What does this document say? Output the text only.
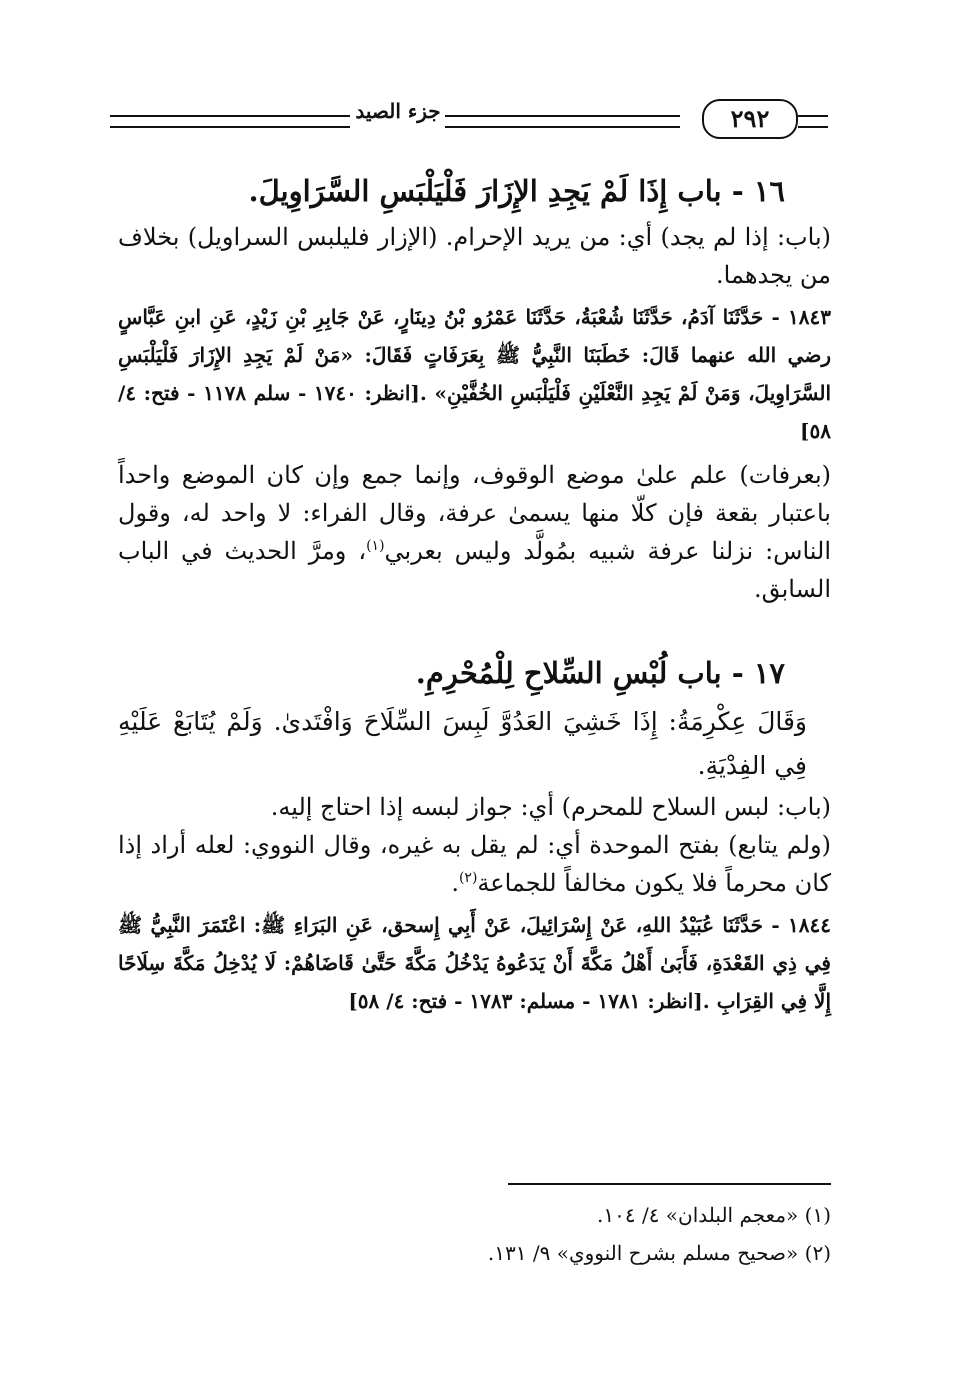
جزء الصيد	٢٩٢
١٦ - باب إِذَا لَمْ يَجِدِ الإِزَارَ فَلْيَلْبَسِ السَّرَاوِيلَ.

(باب: إذا لم يجد) أي: من يريد الإحرام. (الإزار فليلبس السراويل) بخلاف من يجدهما.

١٨٤٣ - حَدَّثَنَا آدَمُ، حَدَّثَنَا شُعْبَةُ، حَدَّثَنَا عَمْرُو بْنُ دِينَارٍ، عَنْ جَابِرِ بْنِ زَيْدٍ، عَنِ ابنِ عَبَّاسٍ رضي الله عنهما قَالَ: خَطَبَنَا النَّبِيُّ ﷺ بِعَرَفَاتٍ فَقَالَ: «مَنْ لَمْ يَجِدِ الإِزَارَ فَلْيَلْبَسِ السَّرَاوِيلَ، وَمَنْ لَمْ يَجِدِ النَّعْلَيْنِ فَلْيَلْبَسِ الخُفَّيْنِ» .[انظر: ١٧٤٠ - سلم ١١٧٨ - فتح: ٤/ ٥٨]

(بعرفات) علم علىٰ موضع الوقوف، وإنما جمع وإن كان الموضع واحداً باعتبار بقعة فإن كلّا منها يسمىٰ عرفة، وقال الفراء: لا واحد له، وقول الناس: نزلنا عرفة شبيه بمُولَّد وليس بعربي$^{(١)}$، ومرَّ الحديث في الباب السابق.

١٧ - باب لُبْسِ السِّلاحِ لِلْمُحْرِمِ.

وَقَالَ عِكْرِمَةُ: إِذَا خَشِيَ العَدُوَّ لَبِسَ السِّلَاحَ وَافْتَدىٰ. وَلَمْ يُتَابَعْ عَلَيْهِ فِي الفِدْيَةِ.

(باب: لبس السلاح للمحرم) أي: جواز لبسه إذا احتاج إليه.

(ولم يتابع) بفتح الموحدة أي: لم يقل به غيره، وقال النووي: لعله أراد إذا كان محرماً فلا يكون مخالفاً للجماعة$^{(٢)}$.

١٨٤٤ - حَدَّثَنَا عُبَيْدُ اللهِ، عَنْ إِسْرَائِيلَ، عَنْ أَبِي إِسحق، عَنِ البَرَاءِ ﷺ: اعْتَمَرَ النَّبِيُّ ﷺ فِي ذِي القَعْدَةِ، فَأَبَىٰ أَهْلُ مَكَّةَ أَنْ يَدَعُوهُ يَدْخُلُ مَكَّةَ حَتَّىٰ قَاضَاهُمْ: لَا يُدْخِلُ مَكَّةَ سِلَاحًا إِلَّا فِي القِرَابِ .[انظر: ١٧٨١ - مسلم: ١٧٨٣ - فتح: ٤/ ٥٨]

(١) «معجم البلدان» ٤/ ١٠٤.
(٢) «صحيح مسلم بشرح النووي» ٩/ ١٣١.
